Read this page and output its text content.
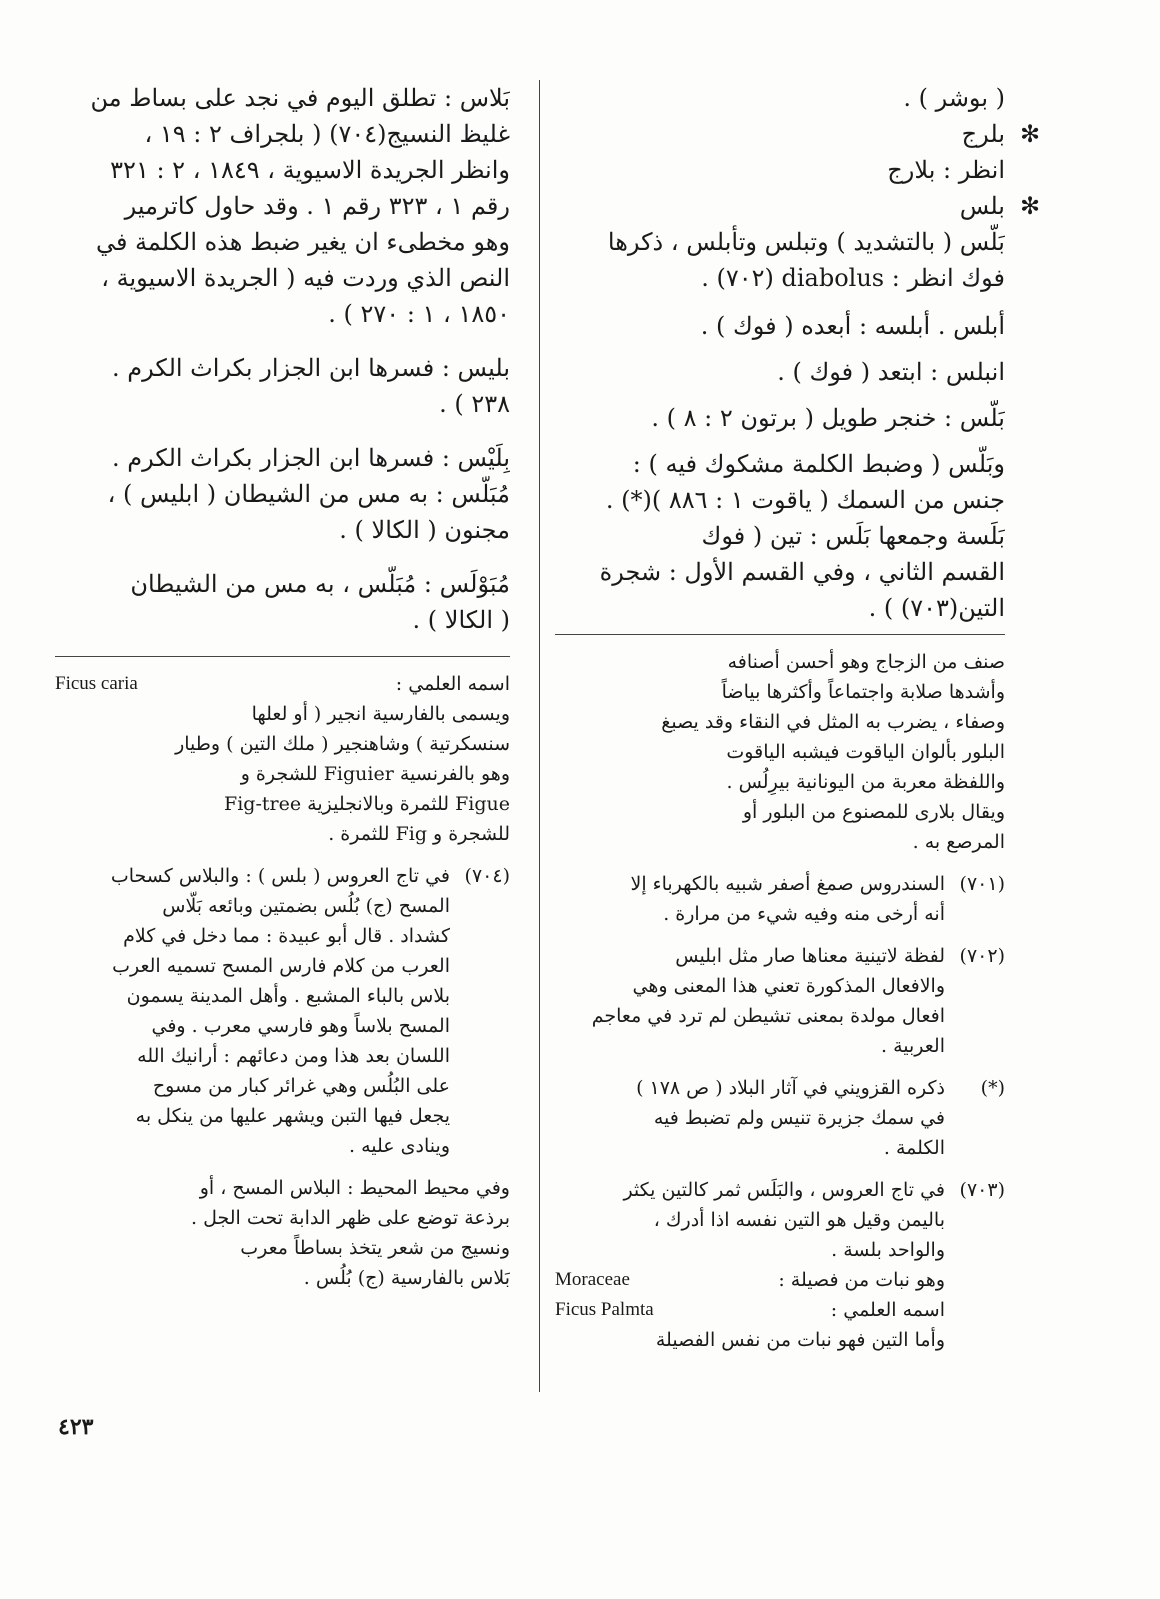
( بوشر ) .
✻بلرج
انظر : بلارج
✻بلس
بَلَّس ( بالتشديد ) وتبلس وتأبلس ، ذكرها
فوك انظر : diabolus (٧٠٢) .
أبلس . أبلسه : أبعده ( فوك ) .
انبلس : ابتعد ( فوك ) .
بَلَّس : خنجر طويل ( برتون ٢ : ٨ ) .
وبَلَّس ( وضبط الكلمة مشكوك فيه ) :
جنس من السمك ( ياقوت ١ : ٨٨٦ )(*) .
بَلَسة وجمعها بَلَس : تين ( فوك
القسم الثاني ، وفي القسم الأول : شجرة
التين(٧٠٣) ) .
صنف من الزجاج وهو أحسن أصنافه
وأشدها صلابة واجتماعاً وأكثرها بياضاً
وصفاء ، يضرب به المثل في النقاء وقد يصبغ
البلور بألوان الياقوت فيشبه الياقوت
واللفظة معربة من اليونانية بيرِلُس .
ويقال بلارى للمصنوع من البلور أو
المرصع به .
(٧٠١)
السندروس صمغ أصفر شبيه بالكهرباء إلا
أنه أرخى منه وفيه شيء من مرارة .
(٧٠٢)
لفظة لاتينية معناها صار مثل ابليس
والافعال المذكورة تعني هذا المعنى وهي
افعال مولدة بمعنى تشيطن لم ترد في معاجم
العربية .
(*)
ذكره القزويني في آثار البلاد ( ص ١٧٨ )
في سمك جزيرة تنيس ولم تضبط فيه
الكلمة .
(٧٠٣)
في تاج العروس ، والبَلَس ثمر كالتين يكثر
باليمن وقيل هو التين نفسه اذا أدرك ،
والواحد بلسة .
وهو نبات من فصيلة :
Moraceae
اسمه العلمي :
Ficus Palmta
وأما التين فهو نبات من نفس الفصيلة
بَلاس : تطلق اليوم في نجد على بساط من
غليظ النسيج(٧٠٤) ( بلجراف ٢ : ١٩ ،
وانظر الجريدة الاسيوية ، ١٨٤٩ ، ٢ : ٣٢١
رقم ١ ، ٣٢٣ رقم ١ . وقد حاول كاترمير
وهو مخطىء ان يغير ضبط هذه الكلمة في
النص الذي وردت فيه ( الجريدة الاسيوية ،
١٨٥٠ ، ١ : ٢٧٠ ) .
بليس : فسرها ابن الجزار بكراث الكرم .
٢٣٨ ) .
بِلَيْس : فسرها ابن الجزار بكراث الكرم .
مُبَلَّس : به مس من الشيطان ( ابليس ) ،
مجنون ( الكالا ) .
مُبَوْلَس : مُبَلَّس ، به مس من الشيطان
( الكالا ) .
اسمه العلمي :
Ficus caria
ويسمى بالفارسية انجير ( أو لعلها
سنسكرتية ) وشاهنجير ( ملك التين ) وطيار
وهو بالفرنسية Figuier للشجرة و
Figue للثمرة وبالانجليزية Fig-tree
للشجرة و Fig للثمرة .
(٧٠٤)
في تاج العروس ( بلس ) : والبلاس كسحاب
المسح (ج) بُلُس بضمتين وبائعه بَلَّاس
كشداد . قال أبو عبيدة : مما دخل في كلام
العرب من كلام فارس المسح تسميه العرب
بلاس بالباء المشبع . وأهل المدينة يسمون
المسح بلاساً وهو فارسي معرب . وفي
اللسان بعد هذا ومن دعائهم : أرانيك الله
على البُلُس وهي غرائر كبار من مسوح
يجعل فيها التبن ويشهر عليها من ينكل به
وينادى عليه .
وفي محيط المحيط : البلاس المسح ، أو
برذعة توضع على ظهر الدابة تحت الجل .
ونسيج من شعر يتخذ بساطاً معرب
بَلاس بالفارسية (ج) بُلُس .
٤٢٣
